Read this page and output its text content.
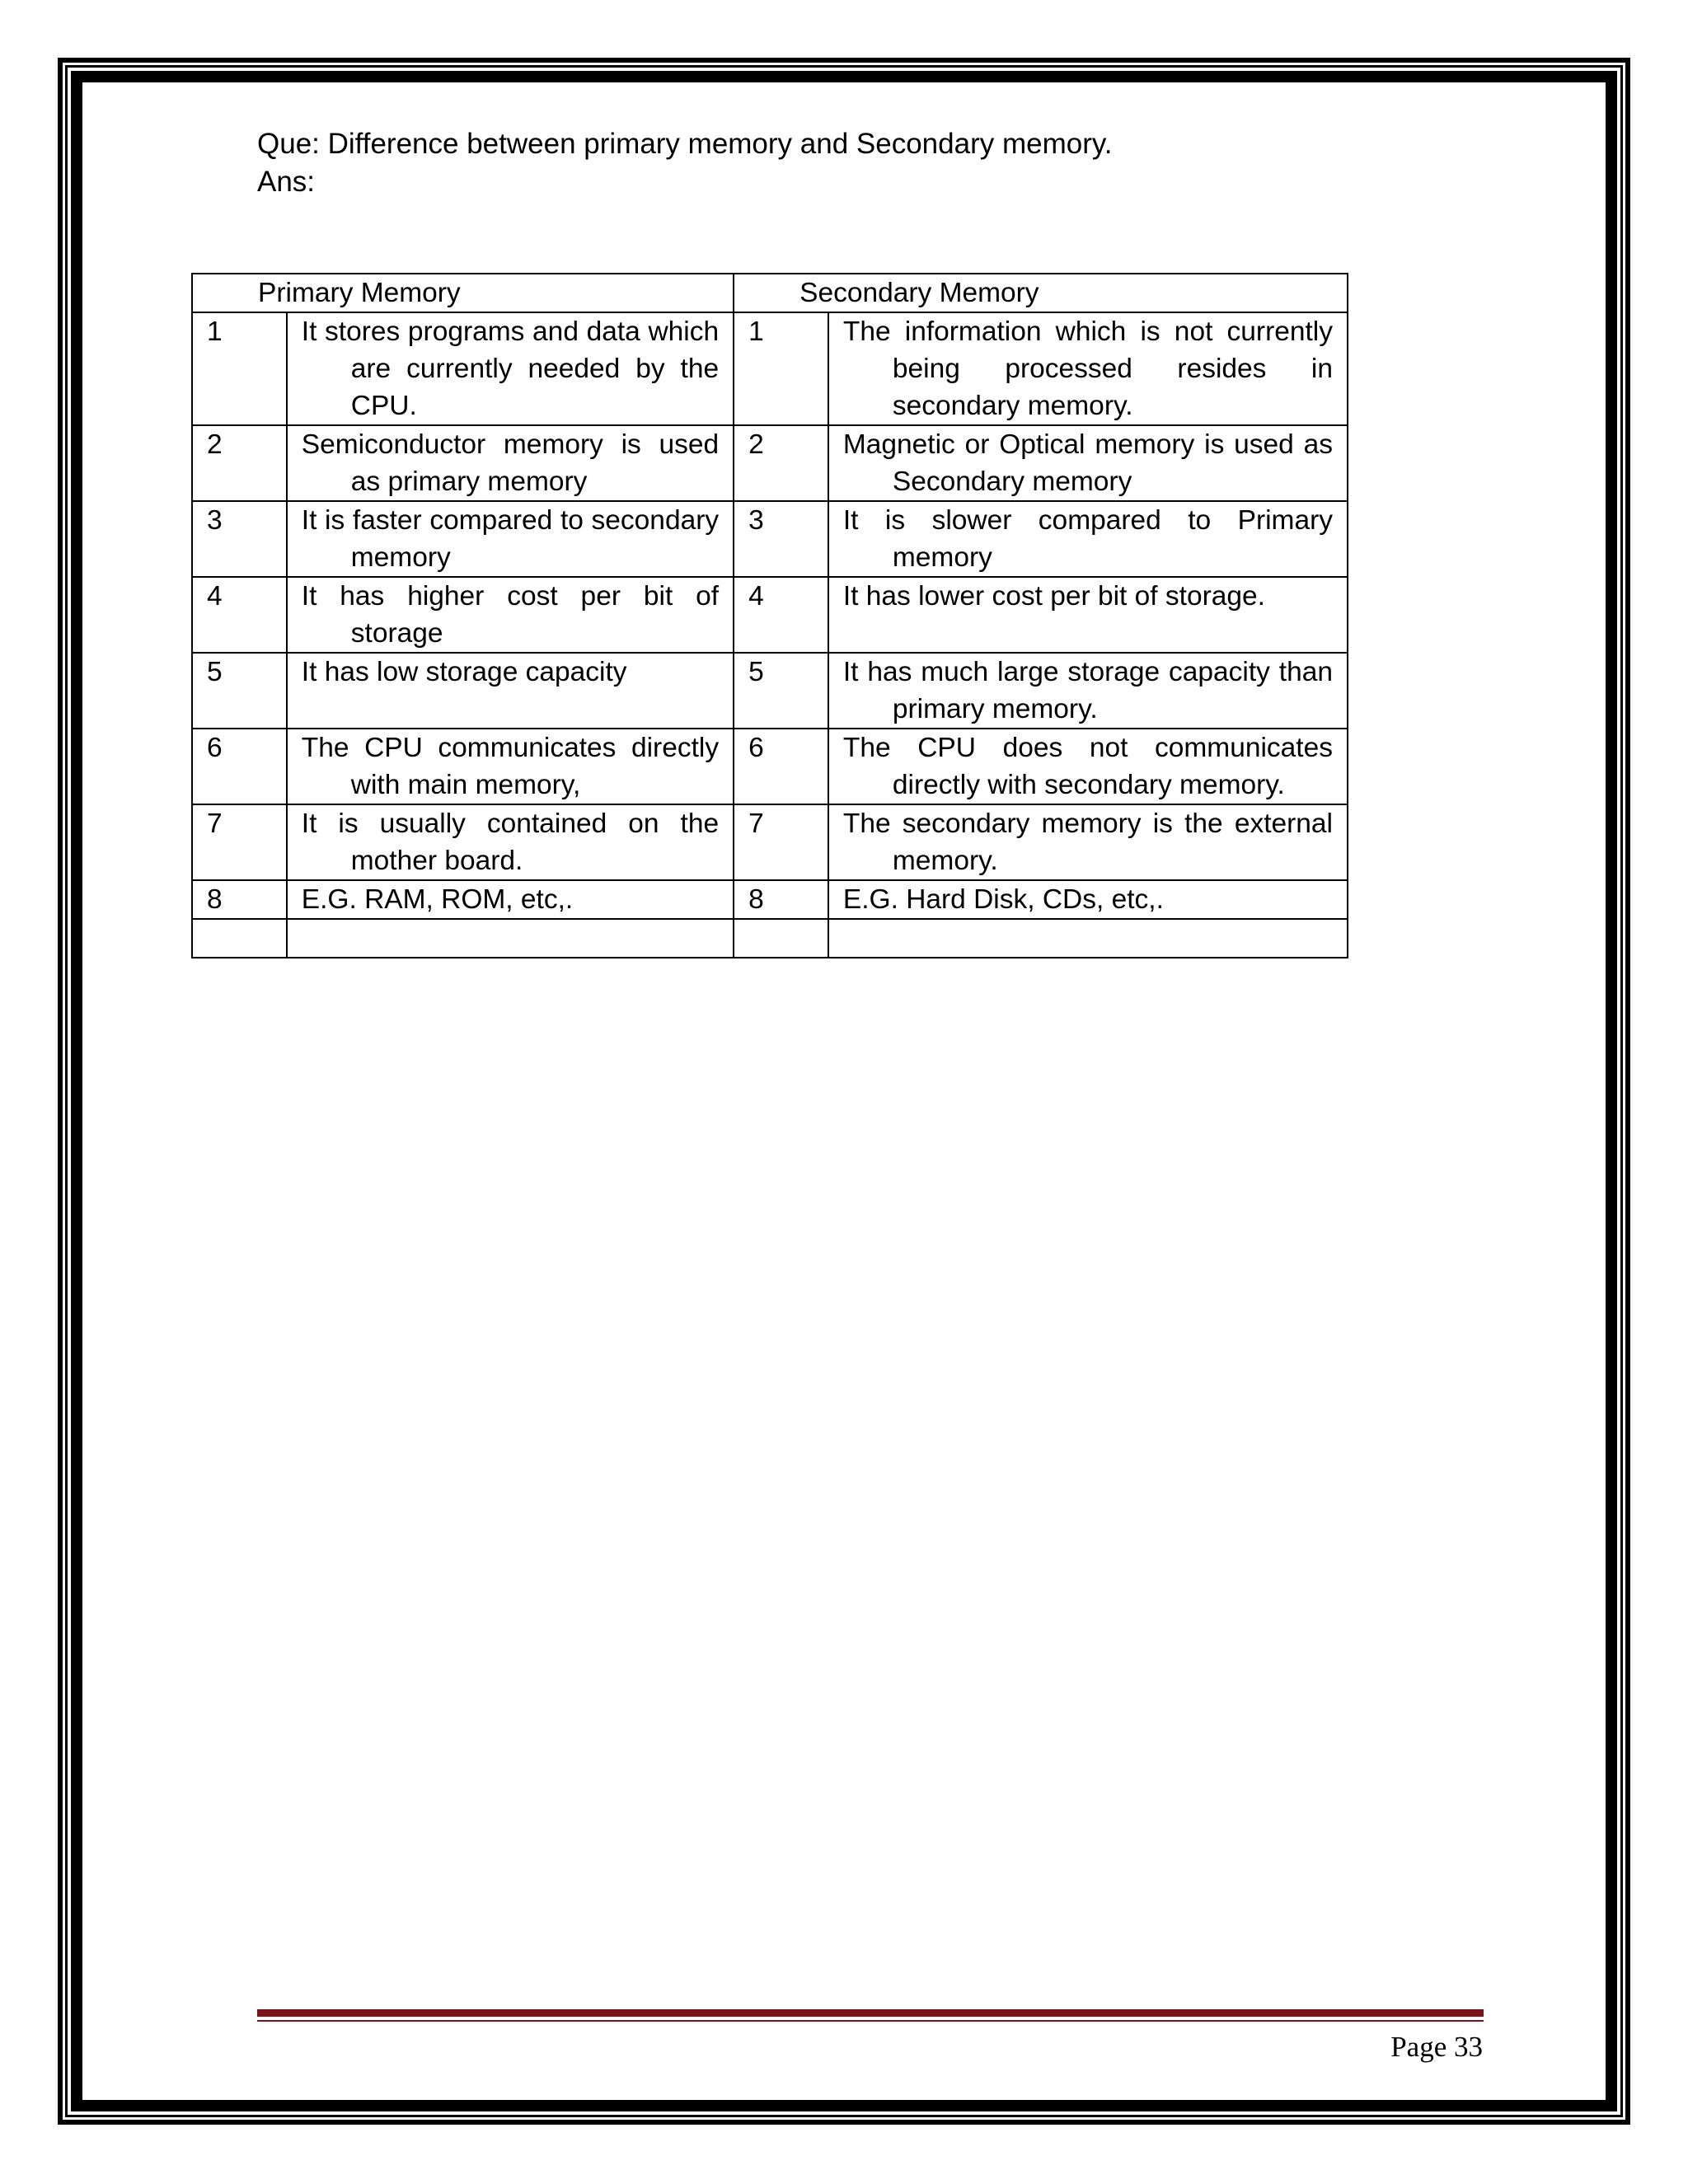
Que: Difference between primary memory and Secondary memory.
Ans:
Primary Memory		Secondary Memory	
1	It stores programs and data which are currently needed by the CPU.	1	The information which is not currently being processed resides in secondary memory.
2	Semiconductor memory is used as primary memory	2	Magnetic or Optical memory is used as Secondary memory
3	It is faster compared to secondary memory	3	It is slower compared to Primary memory
4	It has higher cost per bit of storage	4	It has lower cost per bit of storage.
5	It has low storage capacity	5	It has much large storage capacity than primary memory.
6	The CPU communicates directly with main memory,	6	The CPU does not communicates directly with secondary memory.
7	It is usually contained on the mother board.	7	The secondary memory is the external memory.
8	E.G. RAM, ROM, etc,.	8	E.G. Hard Disk, CDs, etc,.

Page 33
